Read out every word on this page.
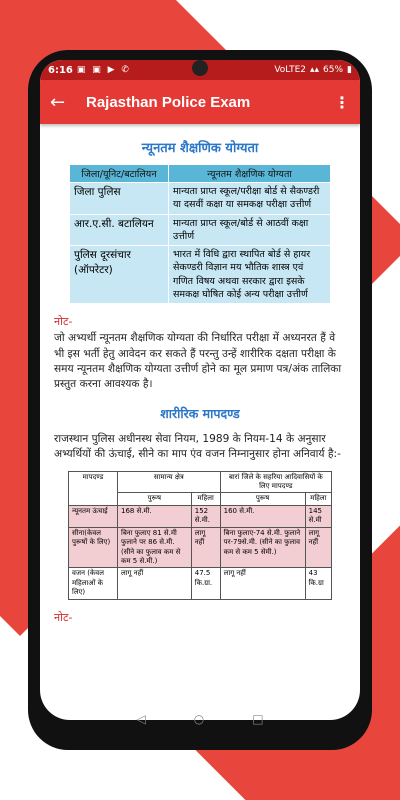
6:16 ▣ ▣ ▶ ✆	VoLTE2 ▴▴ 65% ▮
←	Rajasthan Police Exam	⋮
न्यूनतम शैक्षणिक योग्यता
जिला/यूनिट/बटालियन	न्यूनतम शैक्षणिक योग्यता
जिला पुलिस	मान्यता प्राप्त स्कूल/परीक्षा बोर्ड से सैकण्डरी या दसवीं कक्षा या समकक्ष परीक्षा उत्तीर्ण
आर.ए.सी. बटालियन	मान्यता प्राप्त स्कूल/बोर्ड से आठवीं कक्षा उत्तीर्ण
पुलिस दूरसंचार (ऑपरेटर)	भारत में विधि द्वारा स्थापित बोर्ड से हायर सेकण्डरी विज्ञान मय भौतिक शास्त्र एवं गणित विषय अथवा सरकार द्वारा इसके समकक्ष घोषित कोई अन्य परीक्षा उत्तीर्ण
नोट-

जो अभ्यर्थी न्यूनतम शैक्षणिक योग्यता की निर्धारित परीक्षा में अध्यनरत हैं वे भी इस भर्ती हेतु आवेदन कर सकते हैं परन्तु उन्हें शारीरिक दक्षता परीक्षा के समय न्यूनतम शैक्षणिक योग्यता उत्तीर्ण होने का मूल प्रमाण पत्र/अंक तालिका प्रस्तुत करना आवश्यक है।

शारीरिक मापदण्ड

राजस्थान पुलिस अधीनस्थ सेवा नियम, 1989 के नियम-14 के अनुसार अभ्यर्थियों की ऊंचाई, सीने का माप एंव वजन निम्नानुसार होना अनिवार्य है:-

मापदण्ड	सामान्य क्षेत्र		बारां जिले के सहरिया आदिवासियों के लिए मापदण्ड	
	पुरूष	महिला	पुरूष	महिला
न्यूनतम ऊंचाई	168 से.मी.	152 से.मी.	160 से.मी.	145 से.मी
सीना(केवल पुरूषों के लिए)	बिना फुलाए 81 से.मी फुलाने पर 86 से.मी. (सीने का फुलाव कम से कम 5 से.मी.)	लागू नहीं	बिना फुलाए-74 से.मी. फुलाने पर-79से.मी. (सीने का फुलाव कम से कम 5 सेमी.)	लागू नहीं
वजन (केवल महिलाओं के लिए)	लागू नहीं	47.5 कि.ग्रा.	लागू नहीं	43 कि.ग्रा
नोट-
◁	○	□
